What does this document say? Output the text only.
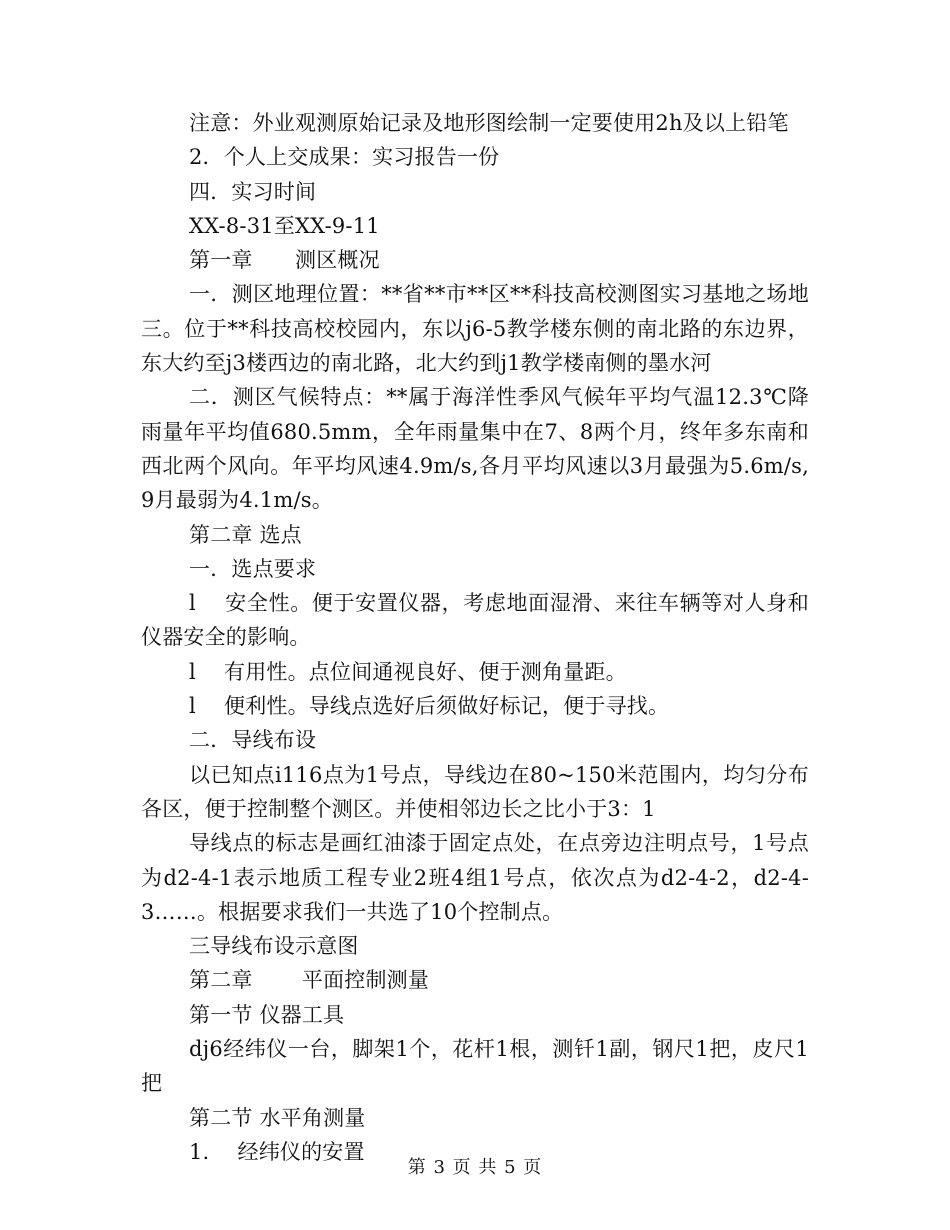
注意：外业观测原始记录及地形图绘制一定要使用2h及以上铅笔

2．个人上交成果：实习报告一份

四．实习时间

XX-8-31至XX-9-11

第一章　　测区概况

一．测区地理位置：**省**市**区**科技高校测图实习基地之场地三。位于**科技高校校园内，东以j6-5教学楼东侧的南北路的东边界，东大约至j3楼西边的南北路，北大约到j1教学楼南侧的墨水河

二．测区气候特点：**属于海洋性季风气候年平均气温12.3℃降雨量年平均值680.5mm，全年雨量集中在7、8两个月，终年多东南和西北两个风向。年平均风速4.9m/s,各月平均风速以3月最强为5.6m/s,9月最弱为4.1m/s。

第二章 选点

一．选点要求

l　 安全性。便于安置仪器，考虑地面湿滑、来往车辆等对人身和仪器安全的影响。

l　 有用性。点位间通视良好、便于测角量距。

l　 便利性。导线点选好后须做好标记，便于寻找。

二．导线布设

以已知点i116点为1号点，导线边在80~150米范围内，均匀分布各区，便于控制整个测区。并使相邻边长之比小于3：1

导线点的标志是画红油漆于固定点处，在点旁边注明点号，1号点为d2-4-1表示地质工程专业2班4组1号点，依次点为d2-4-2，d2-4-3……。根据要求我们一共选了10个控制点。

三导线布设示意图

第二章　　 平面控制测量

第一节 仪器工具

dj6经纬仪一台，脚架1个，花杆1根，测钎1副，钢尺1把，皮尺1把

第二节 水平角测量

1.　 经纬仪的安置

第 3 页 共 5 页
